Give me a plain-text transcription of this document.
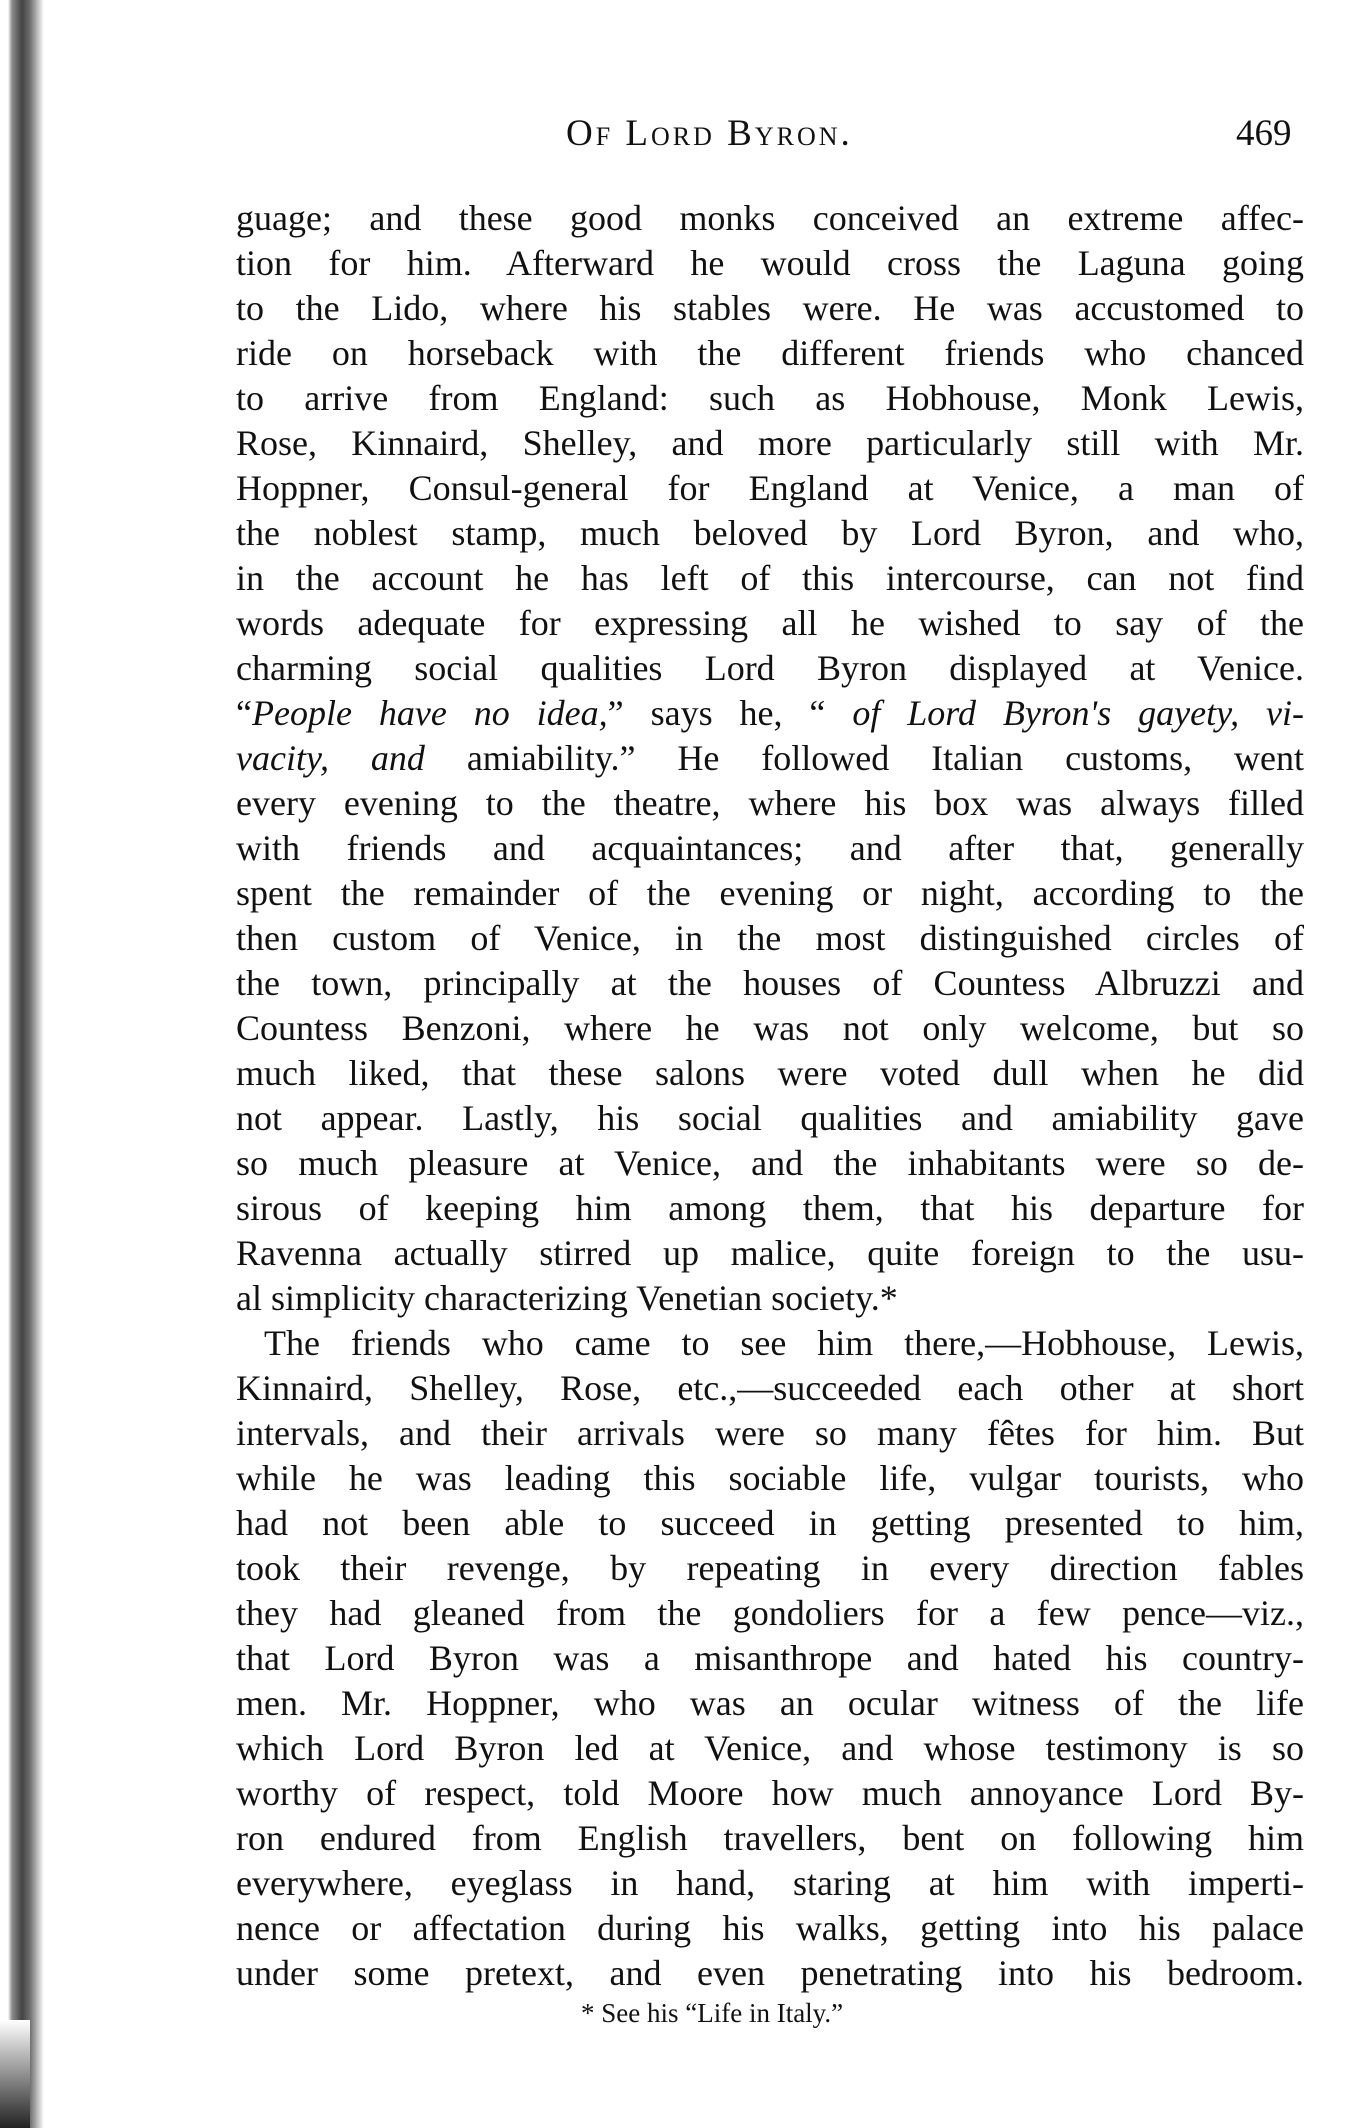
Of Lord Byron.	469
guage; and these good monks conceived an extreme affec-
tion for him. Afterward he would cross the Laguna going
to the Lido, where his stables were. He was accustomed to
ride on horseback with the different friends who chanced
to arrive from England: such as Hobhouse, Monk Lewis,
Rose, Kinnaird, Shelley, and more particularly still with Mr.
Hoppner, Consul-general for England at Venice, a man of
the noblest stamp, much beloved by Lord Byron, and who,
in the account he has left of this intercourse, can not find
words adequate for expressing all he wished to say of the
charming social qualities Lord Byron displayed at Venice.
“People have no idea,” says he, “ of Lord Byron's gayety, vi-
vacity, and amiability.” He followed Italian customs, went
every evening to the theatre, where his box was always filled
with friends and acquaintances; and after that, generally
spent the remainder of the evening or night, according to the
then custom of Venice, in the most distinguished circles of
the town, principally at the houses of Countess Albruzzi and
Countess Benzoni, where he was not only welcome, but so
much liked, that these salons were voted dull when he did
not appear. Lastly, his social qualities and amiability gave
so much pleasure at Venice, and the inhabitants were so de-
sirous of keeping him among them, that his departure for
Ravenna actually stirred up malice, quite foreign to the usu-
al simplicity characterizing Venetian society.*
The friends who came to see him there,—Hobhouse, Lewis,
Kinnaird, Shelley, Rose, etc.,—succeeded each other at short
intervals, and their arrivals were so many fêtes for him. But
while he was leading this sociable life, vulgar tourists, who
had not been able to succeed in getting presented to him,
took their revenge, by repeating in every direction fables
they had gleaned from the gondoliers for a few pence—viz.,
that Lord Byron was a misanthrope and hated his country-
men. Mr. Hoppner, who was an ocular witness of the life
which Lord Byron led at Venice, and whose testimony is so
worthy of respect, told Moore how much annoyance Lord By-
ron endured from English travellers, bent on following him
everywhere, eyeglass in hand, staring at him with imperti-
nence or affectation during his walks, getting into his palace
under some pretext, and even penetrating into his bedroom.
* See his “Life in Italy.”
